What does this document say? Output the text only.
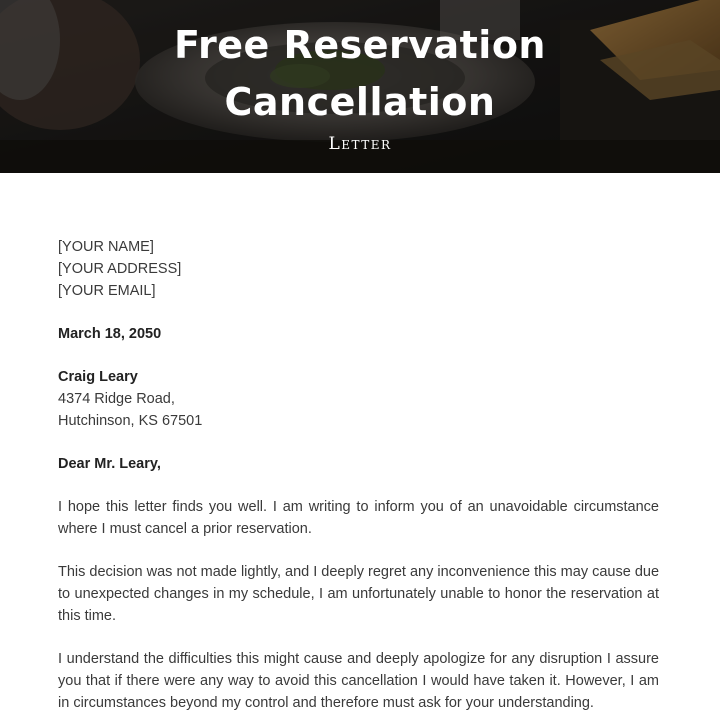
Free Reservation
Cancellation
Letter
[YOUR NAME]
[YOUR ADDRESS]
[YOUR EMAIL]
March 18, 2050
Craig Leary
4374 Ridge Road,
Hutchinson, KS 67501
Dear Mr. Leary,

I hope this letter finds you well. I am writing to inform you of an unavoidable circumstance where I must cancel a prior reservation.

This decision was not made lightly, and I deeply regret any inconvenience this may cause due to unexpected changes in my schedule, I am unfortunately unable to honor the reservation at this time.

I understand the difficulties this might cause and deeply apologize for any disruption I assure you that if there were any way to avoid this cancellation I would have taken it. However, I am in circumstances beyond my control and therefore must ask for your understanding.
